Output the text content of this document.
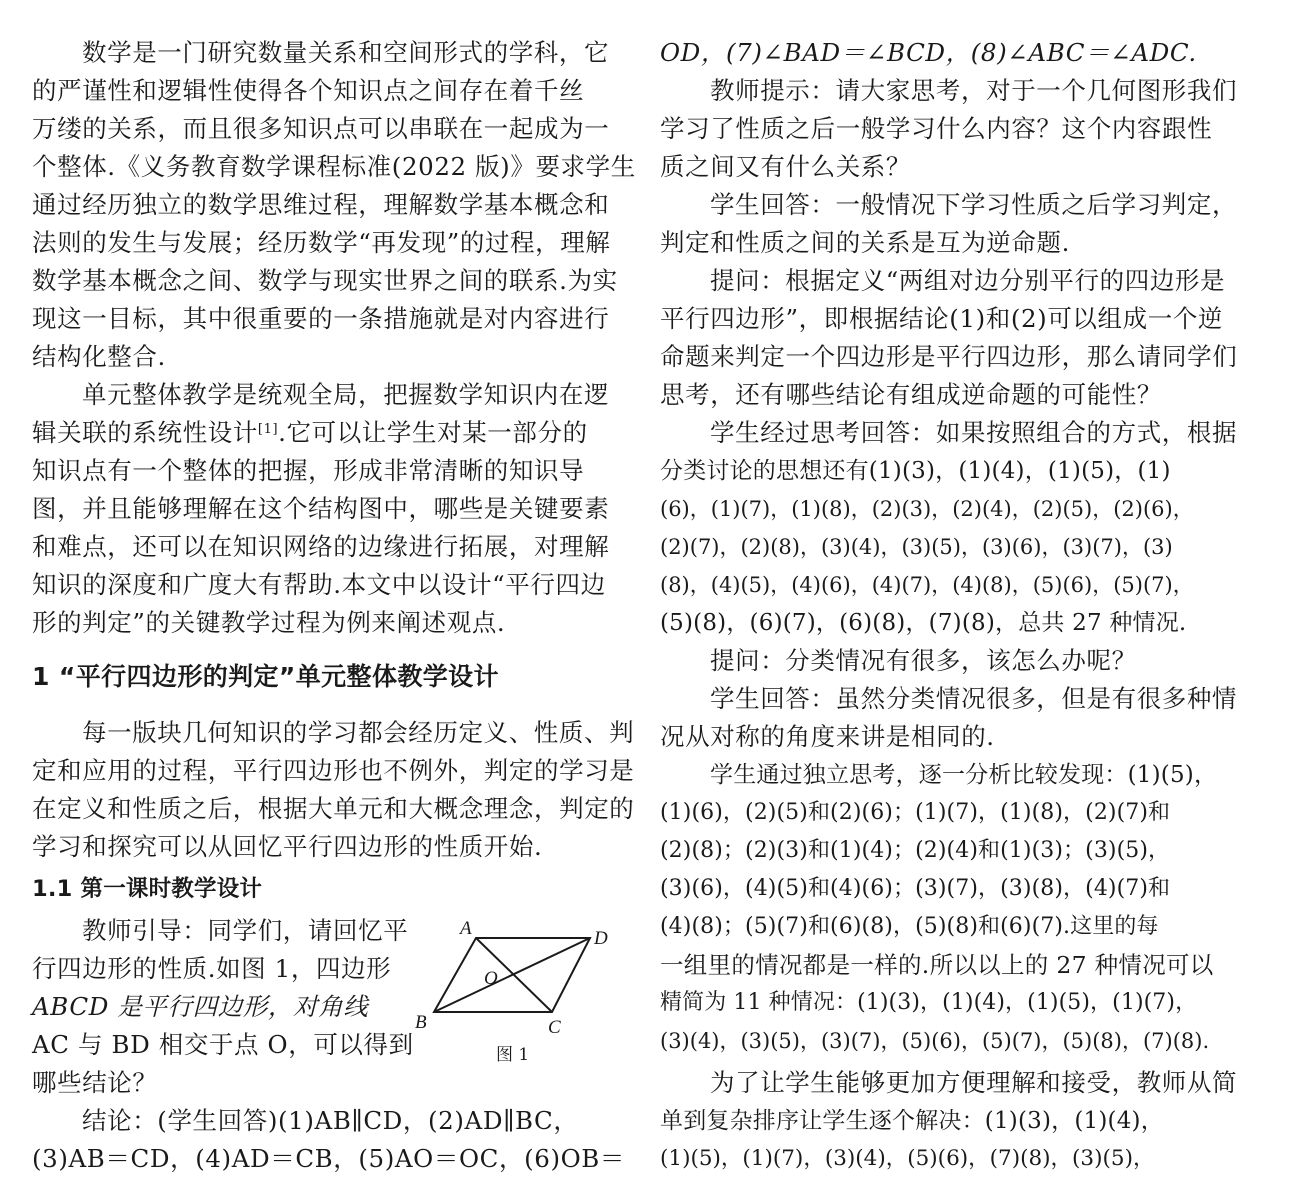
数学是一门研究数量关系和空间形式的学科，它
的严谨性和逻辑性使得各个知识点之间存在着千丝
万缕的关系，而且很多知识点可以串联在一起成为一
个整体.《义务教育数学课程标准(2022 版)》要求学生
通过经历独立的数学思维过程，理解数学基本概念和
法则的发生与发展；经历数学“再发现”的过程，理解
数学基本概念之间、数学与现实世界之间的联系.为实
现这一目标，其中很重要的一条措施就是对内容进行
结构化整合.
单元整体教学是统观全局，把握数学知识内在逻
辑关联的系统性设计[1].它可以让学生对某一部分的
知识点有一个整体的把握，形成非常清晰的知识导
图，并且能够理解在这个结构图中，哪些是关键要素
和难点，还可以在知识网络的边缘进行拓展，对理解
知识的深度和广度大有帮助.本文中以设计“平行四边
形的判定”的关键教学过程为例来阐述观点.
1 “平行四边形的判定”单元整体教学设计
每一版块几何知识的学习都会经历定义、性质、判
定和应用的过程，平行四边形也不例外，判定的学习是
在定义和性质之后，根据大单元和大概念理念，判定的
学习和探究可以从回忆平行四边形的性质开始.
1.1 第一课时教学设计
教师引导：同学们，请回忆平
行四边形的性质.如图 1，四边形
ABCD 是平行四边形，对角线
AC 与 BD 相交于点 O，可以得到
哪些结论？
结论：(学生回答)(1)AB∥CD，(2)AD∥BC，
(3)AB＝CD，(4)AD＝CB，(5)AO＝OC，(6)OB＝
A	D
O
B	C
图 1
OD，(7)∠BAD＝∠BCD，(8)∠ABC＝∠ADC.
教师提示：请大家思考，对于一个几何图形我们
学习了性质之后一般学习什么内容？这个内容跟性
质之间又有什么关系？
学生回答：一般情况下学习性质之后学习判定，
判定和性质之间的关系是互为逆命题.
提问：根据定义“两组对边分别平行的四边形是
平行四边形”，即根据结论(1)和(2)可以组成一个逆
命题来判定一个四边形是平行四边形，那么请同学们
思考，还有哪些结论有组成逆命题的可能性？
学生经过思考回答：如果按照组合的方式，根据
分类讨论的思想还有(1)(3)，(1)(4)，(1)(5)，(1)
(6)，(1)(7)，(1)(8)，(2)(3)，(2)(4)，(2)(5)，(2)(6)，
(2)(7)，(2)(8)，(3)(4)，(3)(5)，(3)(6)，(3)(7)，(3)
(8)，(4)(5)，(4)(6)，(4)(7)，(4)(8)，(5)(6)，(5)(7)，
(5)(8)，(6)(7)，(6)(8)，(7)(8)，总共 27 种情况.
提问：分类情况有很多，该怎么办呢？
学生回答：虽然分类情况很多，但是有很多种情
况从对称的角度来讲是相同的.
学生通过独立思考，逐一分析比较发现：(1)(5)，
(1)(6)，(2)(5)和(2)(6)；(1)(7)，(1)(8)，(2)(7)和
(2)(8)；(2)(3)和(1)(4)；(2)(4)和(1)(3)；(3)(5)，
(3)(6)，(4)(5)和(4)(6)；(3)(7)，(3)(8)，(4)(7)和
(4)(8)；(5)(7)和(6)(8)，(5)(8)和(6)(7).这里的每
一组里的情况都是一样的.所以以上的 27 种情况可以
精简为 11 种情况：(1)(3)，(1)(4)，(1)(5)，(1)(7)，
(3)(4)，(3)(5)，(3)(7)，(5)(6)，(5)(7)，(5)(8)，(7)(8).
为了让学生能够更加方便理解和接受，教师从简
单到复杂排序让学生逐个解决：(1)(3)，(1)(4)，
(1)(5)，(1)(7)，(3)(4)，(5)(6)，(7)(8)，(3)(5)，
